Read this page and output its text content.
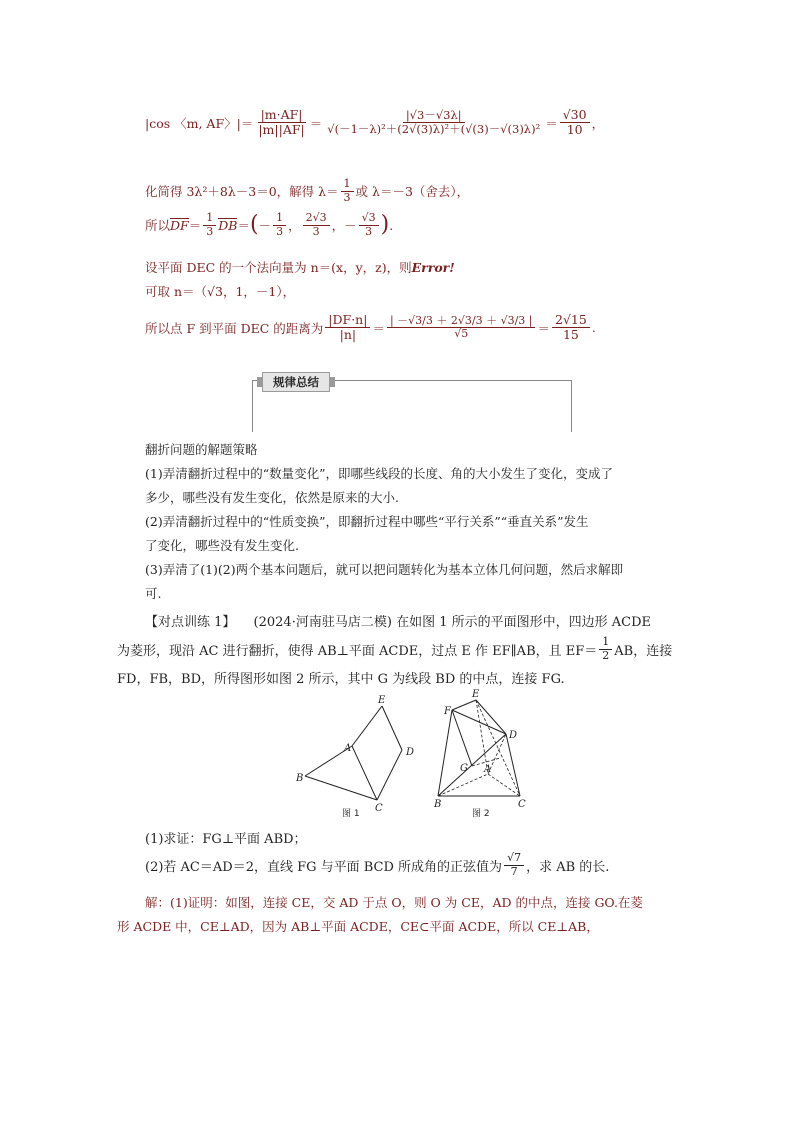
|cos 〈m, AF〉|＝ $\frac{|m\cdot AF|}{|m||AF|} = \frac{|√3-√3\lambda|}{\text{√(－1－λ)²＋(2√(3)λ)²＋(√(3)－√(3)λ)²}} = \frac{√30}{10}$ ，
化简得 3λ²＋8λ－3＝0，解得 $\lambda= \frac{1}{3}$ 或 λ＝－3（舍去），
所以 DF ＝ $\frac{1}{3}$ DB ＝ ( － $\frac{1}{3}$ ， $\frac{2√3}{3}$ ， － $\frac{√3}{3}$ ) .
设平面 DEC 的一个法向量为 n＝(x，y，z)，则Error!
可取 n＝（√3，1，－1），
所以点 F 到平面 DEC 的距离为 $\frac{|DF\cdot n|}{|n|} = \frac{| -√3/3 + 2√3/3 + √3/3 |}{√5} = \frac{2√15}{15}$ .
规律总结
翻折问题的解题策略
(1)弄清翻折过程中的“数量变化”，即哪些线段的长度、角的大小发生了变化，变成了
多少，哪些没有发生变化，依然是原来的大小.
(2)弄清翻折过程中的“性质变换”，即翻折过程中哪些“平行关系”“垂直关系”发生
了变化，哪些没有发生变化.
(3)弄清了(1)(2)两个基本问题后，就可以把问题转化为基本立体几何问题，然后求解即
可.
【对点训练 1】 (2024·河南驻马店二模) 在如图 1 所示的平面图形中，四边形 ACDE
为菱形，现沿 AC 进行翻折，使得 AB⊥平面 ACDE，过点 E 作 EF∥AB，且 $EF= \frac{1}{2}$ AB，连接
FD，FB，BD，所得图形如图 2 所示，其中 G 为线段 BD 的中点，连接 FG.
E
A
B
C
D
图 1
E
F
D
G A
B	C
图 2
(1)求证：FG⊥平面 ABD；
(2)若 AC＝AD＝2，直线 FG 与平面 BCD 所成角的正弦值为 $\frac{√7}{7}$ ，求 AB 的长.
解：(1)证明：如图，连接 CE，交 AD 于点 O，则 O 为 CE，AD 的中点，连接 GO.在菱
形 ACDE 中，CE⊥AD，因为 AB⊥平面 ACDE，CE⊂平面 ACDE，所以 CE⊥AB，
